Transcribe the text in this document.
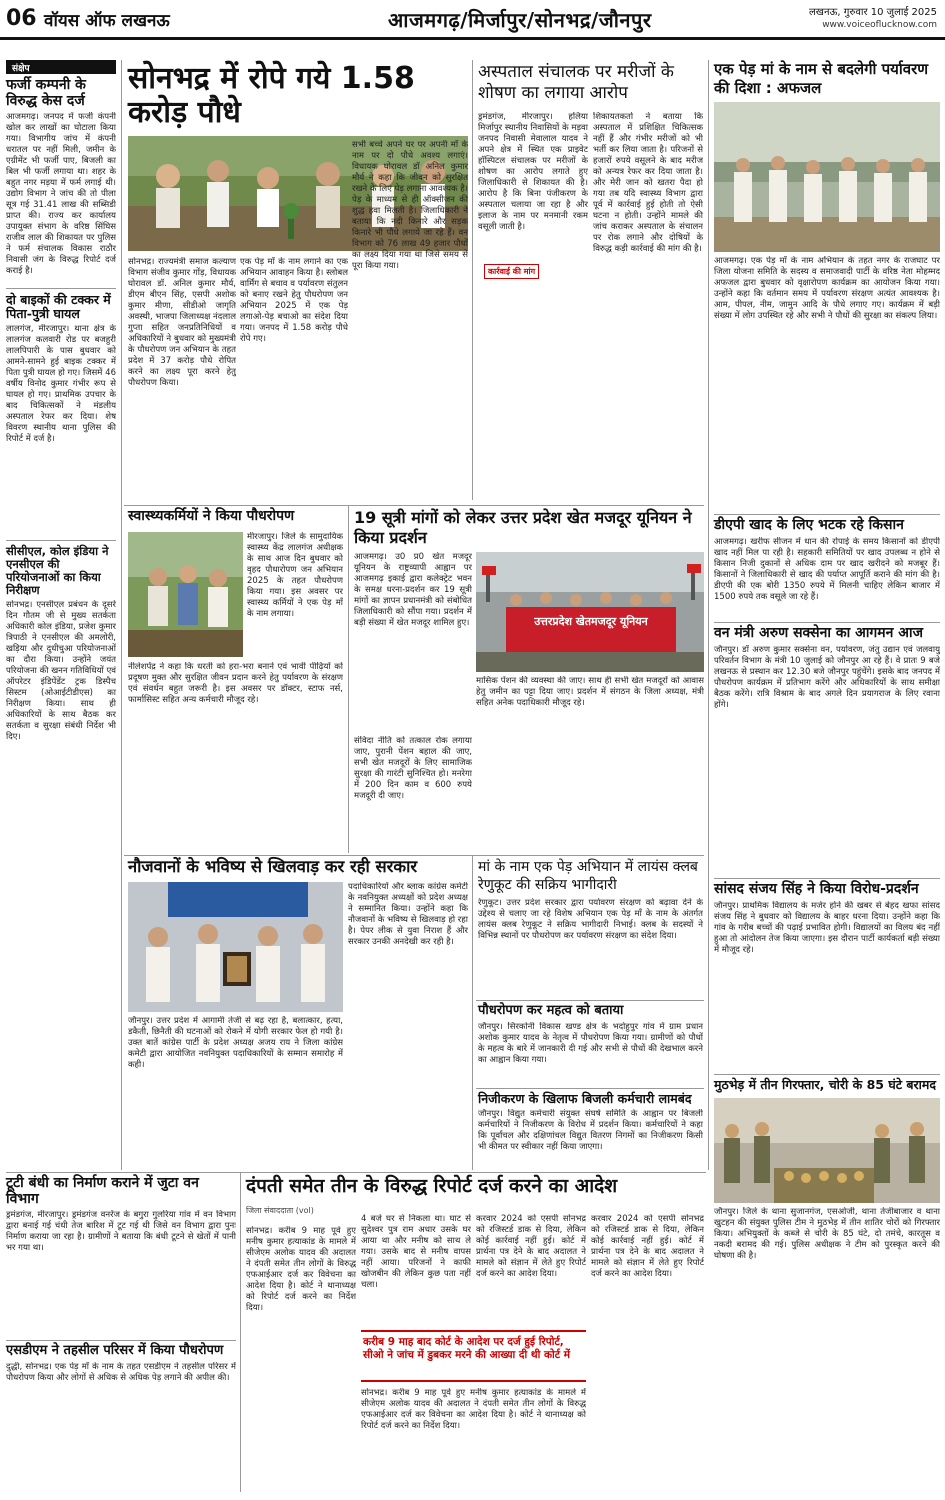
06 वॉयस ऑफ लखनऊ	आजमगढ़/मिर्जापुर/सोनभद्र/जौनपुर	लखनऊ, गुरुवार 10 जुलाई 2025
www.voiceoflucknow.com
संक्षेप
फर्जी कम्पनी के विरुद्ध केस दर्ज
आजमगढ़। जनपद में फर्जी कंपनी खोल कर लाखों का घोटाला किया गया। विभागीय जांच में कंपनी धरातल पर नहीं मिली, जमीन के एग्रीमेंट भी फर्जी पाए, बिजली का बिल भी फर्जी लगाया था। शहर के बहुत नगर मड़या में फर्म लगाई थी। उद्योग विभाग ने जांच की तो पीला सूत्र गई 31.41 लाख की सब्सिडी प्राप्त की। राज्य कर कार्यालय उपायुक्त संभाग के वरिष्ठ सिंघिस राजीव लाल की शिकायत पर पुलिस ने फर्म संचालक विकास राठौर निवासी जंग के विरुद्ध रिपोर्ट दर्ज कराई है।
दो बाइकों की टक्कर में पिता-पुत्री घायल
लालगंज, मीरजापुर। थाना क्षेत्र के लालगंज कलवारी रोड पर बजहुरी लालपिपारी के पास बुधवार को आमने-सामने हुई बाइक टक्कर में पिता पुत्री घायल हो गए। जिसमें 46 वर्षीय विनोद कुमार गंभीर रूप से घायल हो गए। प्राथमिक उपचार के बाद चिकित्सकों ने मंडलीय अस्पताल रेफर कर दिया। शेष विवरण स्थानीय थाना पुलिस की रिपोर्ट में दर्ज है।
सीसीएल, कोल इंडिया ने एनसीएल की परियोजनाओं का किया निरीक्षण
सोनभद्र। एनसीएल प्रबंधन के दूसरे दिन गौतम जी से मुख्य सतर्कता अधिकारी कोल इंडिया, प्रजेश कुमार त्रिपाठी ने एनसीएल की अमलोरी, खड़िया और दुधीचुआ परियोजनाओं का दौरा किया। उन्होंने जयंत परियोजना की खनन गतिविधियों एवं ऑपरेटर इंडिपेंडेंट ट्रक डिस्पैच सिस्टम (ओआईटीडीएस) का निरीक्षण किया। साथ ही अधिकारियों के साथ बैठक कर सतर्कता व सुरक्षा संबंधी निर्देश भी दिए।
सोनभद्र में रोपे गये 1.58 करोड़ पौधे
सोनभद्र। राज्यमंत्री समाज कल्याण विभाग संजीव कुमार गोंड़, विधायक घोरावल डॉ. अनिल कुमार मौर्य, डीएम बीएन सिंह, एसपी अशोक कुमार मीणा, सीडीओ जागृति अवस्थी, भाजपा जिलाध्यक्ष नंदलाल गुप्ता सहित जनप्रतिनिधियों व अधिकारियों ने बुधवार को मुख्यमंत्री के पौधरोपण जन अभियान के तहत प्रदेश में 37 करोड़ पौधे रोपित करने का लक्ष्य पूरा करने हेतु पौधरोपण किया।
एक पेड़ माँ के नाम लगाने का एक अभियान आवाहन किया है। स्लोबल वार्मिंग से बचाव व पर्यावरण संतुलन को बनाए रखने हेतु पौधरोपण जन अभियान 2025 में एक पेड़ लगाओ-पेड़ बचाओ का संदेश दिया गया। जनपद में 1.58 करोड़ पौधे रोपे गए।
सभी बच्चे अपने घर पर अपनी माँ के नाम पर दो पौधे अवश्य लगाएं। विधायक घोरावल डॉ अनिल कुमार मौर्य ने कहा कि जीवन को सुरक्षित रखने के लिए पेड़ लगाना आवश्यक है। पेड़ के माध्यम से ही ऑक्सीजन की शुद्ध हवा मिलती है। जिलाधिकारी ने बताया कि नदी किनारे और सड़क किनारे भी पौधे लगाये जा रहे हैं। वन विभाग को 76 लाख 49 हजार पौधों का लक्ष्य दिया गया था जिसे समय से पूरा किया गया।
अस्पताल संचालक पर मरीजों के शोषण का लगाया आरोप
ड्रमंडगंज, मीरजापुर। हलिया मिर्जापुर स्थानीय निवासियों के मड़वा जनपद निवासी मेवालाल यादव ने अपने क्षेत्र में स्थित एक प्राइवेट हॉस्पिटल संचालक पर मरीजों के शोषण का आरोप लगाते हुए जिलाधिकारी से शिकायत की है। आरोप है कि बिना पंजीकरण के अस्पताल चलाया जा रहा है और इलाज के नाम पर मनमानी रकम वसूली जाती है।
कार्रवाई की मांग
शिकायतकर्ता ने बताया कि अस्पताल में प्रशिक्षित चिकित्सक नहीं हैं और गंभीर मरीजों को भी भर्ती कर लिया जाता है। परिजनों से हजारों रुपये वसूलने के बाद मरीज को अन्यत्र रेफर कर दिया जाता है। और मेरी जान को खतरा पैदा हो गया तब यदि स्वास्थ्य विभाग द्वारा पूर्व में कार्रवाई हुई होती तो ऐसी घटना न होती। उन्होंने मामले की जांच कराकर अस्पताल के संचालन पर रोक लगाने और दोषियों के विरुद्ध कड़ी कार्रवाई की मांग की है।
एक पेड़ मां के नाम से बदलेगी पर्यावरण की दिशा : अफजल
आजमगढ़। एक पेड़ माँ के नाम अभियान के तहत नगर के राजघाट पर जिला योजना समिति के सदस्य व समाजवादी पार्टी के वरिष्ठ नेता मोहम्मद अफजल द्वारा बुधवार को वृक्षारोपण कार्यक्रम का आयोजन किया गया। उन्होंने कहा कि वर्तमान समय में पर्यावरण संरक्षण अत्यंत आवश्यक है। आम, पीपल, नीम, जामुन आदि के पौधे लगाए गए। कार्यक्रम में बड़ी संख्या में लोग उपस्थित रहे और सभी ने पौधों की सुरक्षा का संकल्प लिया।
डीएपी खाद के लिए भटक रहे किसान
आजमगढ़। खरीफ सीजन में धान की रोपाई के समय किसानों को डीएपी खाद नहीं मिल पा रही है। सहकारी समितियों पर खाद उपलब्ध न होने से किसान निजी दुकानों से अधिक दाम पर खाद खरीदने को मजबूर हैं। किसानों ने जिलाधिकारी से खाद की पर्याप्त आपूर्ति कराने की मांग की है। डीएपी की एक बोरी 1350 रुपये में मिलनी चाहिए लेकिन बाजार में 1500 रुपये तक वसूले जा रहे हैं।
वन मंत्री अरुण सक्सेना का आगमन आज
जौनपुर। डॉ अरुण कुमार सक्सेना वन, पर्यावरण, जंतु उद्यान एवं जलवायु परिवर्तन विभाग के मंत्री 10 जुलाई को जौनपुर आ रहे हैं। वे प्रातः 9 बजे लखनऊ से प्रस्थान कर 12.30 बजे जौनपुर पहुंचेंगे। इसके बाद जनपद में पौधरोपण कार्यक्रम में प्रतिभाग करेंगे और अधिकारियों के साथ समीक्षा बैठक करेंगे। रात्रि विश्राम के बाद अगले दिन प्रयागराज के लिए रवाना होंगे।
सांसद संजय सिंह ने किया विरोध-प्रदर्शन
जौनपुर। प्राथमिक विद्यालय के मर्जर होने की खबर से बेहद खफा सांसद संजय सिंह ने बुधवार को विद्यालय के बाहर धरना दिया। उन्होंने कहा कि गांव के गरीब बच्चों की पढ़ाई प्रभावित होगी। विद्यालयों का विलय बंद नहीं हुआ तो आंदोलन तेज किया जाएगा। इस दौरान पार्टी कार्यकर्ता बड़ी संख्या में मौजूद रहे।
मुठभेड़ में तीन गिरफ्तार, चोरी के 85 घंटे बरामद
जौनपुर। जिले के थाना सुजानगंज, एसओजी, थाना तेजीबाजार व थाना खुटहन की संयुक्त पुलिस टीम ने मुठभेड़ में तीन शातिर चोरों को गिरफ्तार किया। अभियुक्तों के कब्जे से चोरी के 85 घंटे, दो तमंचे, कारतूस व नकदी बरामद की गई। पुलिस अधीक्षक ने टीम को पुरस्कृत करने की घोषणा की है।
स्वास्थ्यकर्मियों ने किया पौधरोपण
मीरजापुर। जिले के सामुदायिक स्वास्थ्य केंद्र लालगंज अधीक्षक के साथ आज दिन बुधवार को वृहद पौधारोपण जन अभियान 2025 के तहत पौधरोपण किया गया। इस अवसर पर स्वास्थ्य कर्मियों ने एक पेड़ माँ के नाम लगाया।
नीलेशपेंद्र ने कहा कि धरती को हरा-भरा बनाने एवं भावी पीढ़ियों को प्रदूषण मुक्त और सुरक्षित जीवन प्रदान करने हेतु पर्यावरण के संरक्षण एवं संवर्धन बहुत जरूरी है। इस अवसर पर डॉक्टर, स्टाफ नर्स, फार्मासिस्ट सहित अन्य कर्मचारी मौजूद रहे।
19 सूत्री मांगों को लेकर उत्तर प्रदेश खेत मजदूर यूनियन ने किया प्रदर्शन
आजमगढ़। उ0 प्र0 खेत मजदूर यूनियन के राष्ट्रव्यापी आह्वान पर आजमगढ़ इकाई द्वारा कलेक्ट्रेट भवन के समक्ष धरना-प्रदर्शन कर 19 सूत्री मांगों का ज्ञापन प्रधानमंत्री को संबोधित जिलाधिकारी को सौंपा गया। प्रदर्शन में बड़ी संख्या में खेत मजदूर शामिल हुए।	उत्तरप्रदेश खेतमजदूर यूनियन
संविदा नीति को तत्काल रोक लगाया जाए, पुरानी पेंशन बहाल की जाए, सभी खेत मजदूरों के लिए सामाजिक सुरक्षा की गारंटी सुनिश्चित हो। मनरेगा में 200 दिन काम व 600 रुपये मजदूरी दी जाए।
मासिक पेंशन की व्यवस्था की जाए। साथ ही सभी खेत मजदूरों को आवास हेतु जमीन का पट्टा दिया जाए। प्रदर्शन में संगठन के जिला अध्यक्ष, मंत्री सहित अनेक पदाधिकारी मौजूद रहे।
नौजवानों के भविष्य से खिलवाड़ कर रही सरकार
जौनपुर। उत्तर प्रदेश में आगामी तेजी से बढ़ रहा है, बलात्कार, हत्या, डकैती, छिनैती की घटनाओं को रोकने में योगी सरकार फेल हो गयी है। उक्त बातें कांग्रेस पार्टी के प्रदेश अध्यक्ष अजय राय ने जिला कांग्रेस कमेटी द्वारा आयोजित नवनियुक्त पदाधिकारियों के सम्मान समारोह में कही।
पदाधिकारियों और ब्लाक कांग्रेस कमेटी के नवनियुक्त अध्यक्षों को प्रदेश अध्यक्ष ने सम्मानित किया। उन्होंने कहा कि नौजवानों के भविष्य से खिलवाड़ हो रहा है। पेपर लीक से युवा निराश हैं और सरकार उनकी अनदेखी कर रही है।
मां के नाम एक पेड़ अभियान में लायंस क्लब रेणुकूट की सक्रिय भागीदारी
रेणुकूट। उत्तर प्रदेश सरकार द्वारा पर्यावरण संरक्षण को बढ़ावा देने के उद्देश्य से चलाए जा रहे विशेष अभियान एक पेड़ माँ के नाम के अंतर्गत लायंस क्लब रेणुकूट ने सक्रिय भागीदारी निभाई। क्लब के सदस्यों ने विभिन्न स्थानों पर पौधरोपण कर पर्यावरण संरक्षण का संदेश दिया।
पौधरोपण कर महत्व को बताया
जौनपुर। सिरकोनी विकास खण्ड क्षेत्र के भदोहुपुर गांव में ग्राम प्रधान अशोक कुमार यादव के नेतृत्व में पौधरोपण किया गया। ग्रामीणों को पौधों के महत्व के बारे में जानकारी दी गई और सभी से पौधों की देखभाल करने का आह्वान किया गया।
निजीकरण के खिलाफ बिजली कर्मचारी लामबंद
जौनपुर। विद्युत कर्मचारी संयुक्त संघर्ष समिति के आह्वान पर बिजली कर्मचारियों ने निजीकरण के विरोध में प्रदर्शन किया। कर्मचारियों ने कहा कि पूर्वांचल और दक्षिणांचल विद्युत वितरण निगमों का निजीकरण किसी भी कीमत पर स्वीकार नहीं किया जाएगा।
टूटी बंधी का निर्माण कराने में जुटा वन विभाग
ड्रमंडगंज, मीरजापुर। ड्रमंडगंज वनरेंज के बगुरा गुलरिया गांव में वन विभाग द्वारा बनाई गई चंधी तेज बारिश में टूट गई थी जिसे वन विभाग द्वारा पुनः निर्माण कराया जा रहा है। ग्रामीणों ने बताया कि बंधी टूटने से खेतों में पानी भर गया था।
एसडीएम ने तहसील परिसर में किया पौधरोपण
दुद्धी, सोनभद्र। एक पेड़ माँ के नाम के तहत एसडीएम ने तहसील परिसर में पौधरोपण किया और लोगों से अधिक से अधिक पेड़ लगाने की अपील की।
दंपती समेत तीन के विरुद्ध रिपोर्ट दर्ज करने का आदेश
जिला संवाददाता (vol)
सोनभद्र। करीब 9 माह पूर्व हुए मनीष कुमार हत्याकांड के मामले में सीजेएम अलोक यादव की अदालत ने दंपती समेत तीन लोगों के विरुद्ध एफआईआर दर्ज कर विवेचना का आदेश दिया है। कोर्ट ने थानाध्यक्ष को रिपोर्ट दर्ज करने का निर्देश दिया।
4 बजे घर से निकला था। घाट से सुदेश्वर पुत्र राम अधार उसके घर आया था और मनीष को साथ ले गया। उसके बाद से मनीष वापस नहीं आया। परिजनों ने काफी खोजबीन की लेकिन कुछ पता नहीं चला।
करीब 9 माह बाद कोर्ट के आदेश पर दर्ज हुई रिपोर्ट, सीओ ने जांच में डुबकर मरने की आख्या दी थी कोर्ट में
करवार 2024 को एसपी सोनभद्र को रजिस्टर्ड डाक से दिया, लेकिन कोई कार्रवाई नहीं हुई। कोर्ट में प्रार्थना पत्र देने के बाद अदालत ने मामले को संज्ञान में लेते हुए रिपोर्ट दर्ज करने का आदेश दिया।
करवार 2024 को एसपी सोनभद्र को रजिस्टर्ड डाक से दिया, लेकिन कोई कार्रवाई नहीं हुई। कोर्ट में प्रार्थना पत्र देने के बाद अदालत ने मामले को संज्ञान में लेते हुए रिपोर्ट दर्ज करने का आदेश दिया।
सोनभद्र। करीब 9 माह पूर्व हुए मनीष कुमार हत्याकांड के मामले में सीजेएम अलोक यादव की अदालत ने दंपती समेत तीन लोगों के विरुद्ध एफआईआर दर्ज कर विवेचना का आदेश दिया है। कोर्ट ने थानाध्यक्ष को रिपोर्ट दर्ज करने का निर्देश दिया।
